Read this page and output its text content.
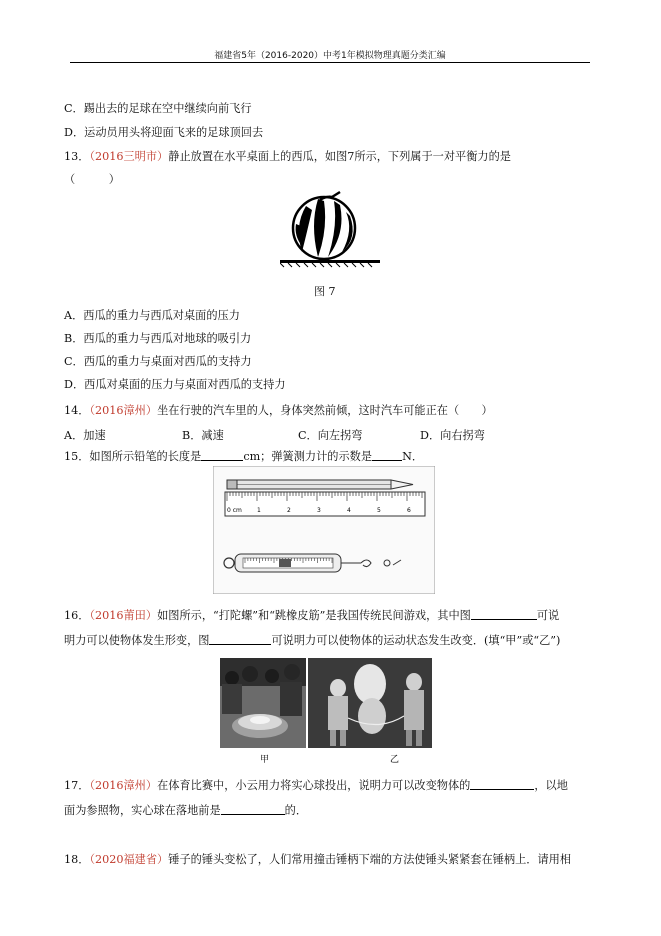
福建省5年（2016-2020）中考1年模拟物理真题分类汇编
C．踢出去的足球在空中继续向前飞行
D．运动员用头将迎面飞来的足球顶回去
13．（2016三明市）静止放置在水平桌面上的西瓜，如图7所示，下列属于一对平衡力的是
（　　　）
图 7
A．西瓜的重力与西瓜对桌面的压力
B．西瓜的重力与西瓜对地球的吸引力
C．西瓜的重力与桌面对西瓜的支持力
D．西瓜对桌面的压力与桌面对西瓜的支持力
14．（2016漳州）坐在行驶的汽车里的人，身体突然前倾，这时汽车可能正在（　　）
A．加速	B．减速	C．向左拐弯	D．向右拐弯
15．如图所示铅笔的长度是	cm；弹簧测力计的示数是	N．
0 cm	1	2	3	4	5	6
16．（2016莆田）如图所示，“打陀螺”和“跳橡皮筋”是我国传统民间游戏，其中图	可说
明力可以使物体发生形变，图	可说明力可以使物体的运动状态发生改变．(填“甲”或“乙”)
甲	乙
17．（2016漳州）在体育比赛中，小云用力将实心球投出，说明力可以改变物体的	，以地
面为参照物，实心球在落地前是	的．
18．（2020福建省）锤子的锤头变松了，人们常用撞击锤柄下端的方法使锤头紧紧套在锤柄上．请用相
